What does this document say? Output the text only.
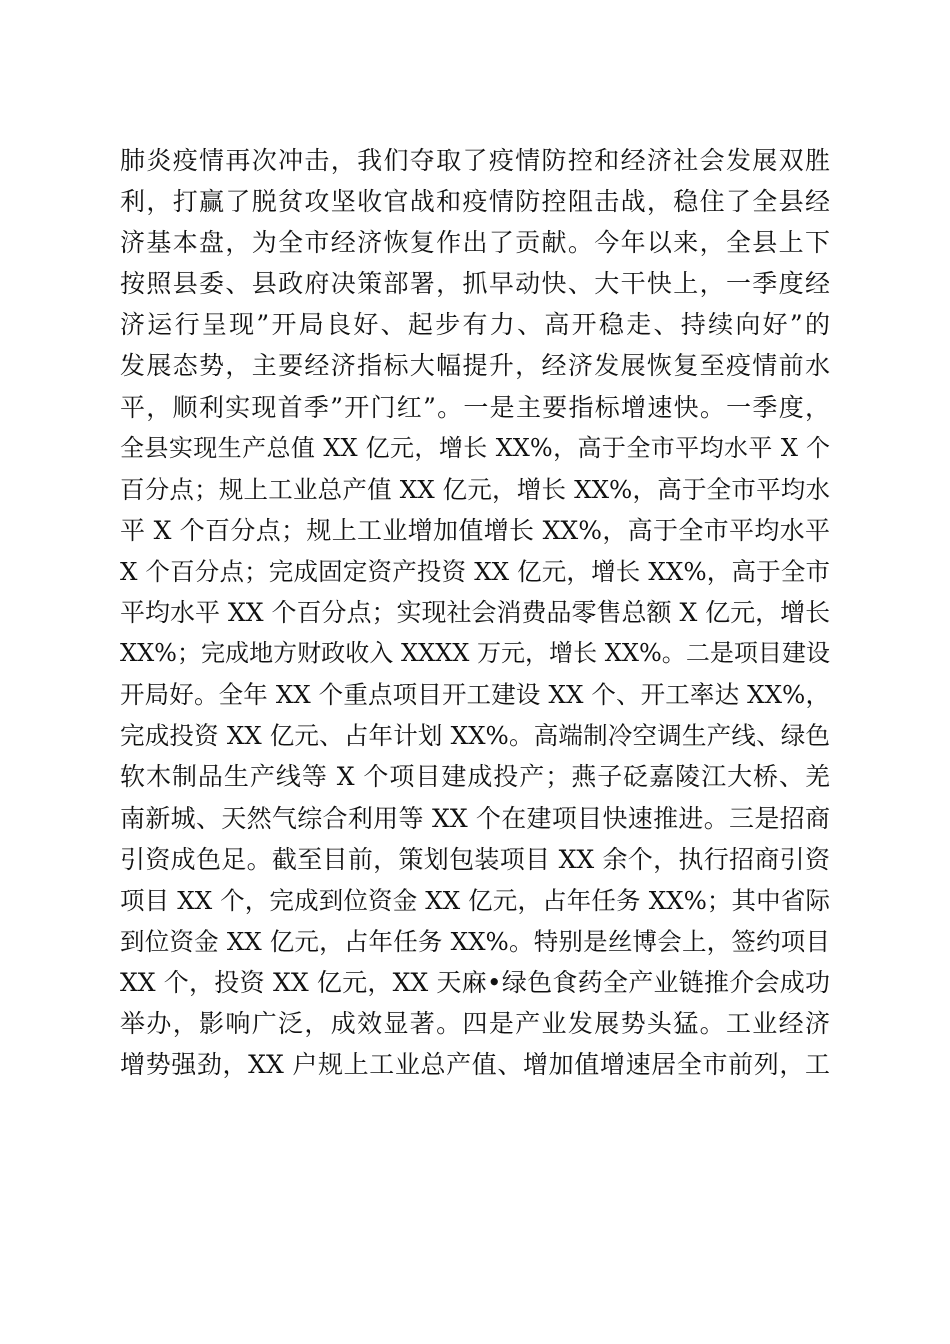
肺炎疫情再次冲击，我们夺取了疫情防控和经济社会发展双胜
利，打赢了脱贫攻坚收官战和疫情防控阻击战，稳住了全县经
济基本盘，为全市经济恢复作出了贡献。今年以来，全县上下
按照县委、县政府决策部署，抓早动快、大干快上，一季度经
济运行呈现”开局良好、起步有力、高开稳走、持续向好”的
发展态势，主要经济指标大幅提升，经济发展恢复至疫情前水
平，顺利实现首季”开门红”。一是主要指标增速快。一季度，
全县实现生产总值 XX 亿元，增长 XX%，高于全市平均水平 X 个
百分点；规上工业总产值 XX 亿元，增长 XX%，高于全市平均水
平 X 个百分点；规上工业增加值增长 XX%，高于全市平均水平
X 个百分点；完成固定资产投资 XX 亿元，增长 XX%，高于全市
平均水平 XX 个百分点；实现社会消费品零售总额 X 亿元，增长
XX%；完成地方财政收入 XXXX 万元，增长 XX%。二是项目建设
开局好。全年 XX 个重点项目开工建设 XX 个、开工率达 XX%，
完成投资 XX 亿元、占年计划 XX%。高端制冷空调生产线、绿色
软木制品生产线等 X 个项目建成投产；燕子砭嘉陵江大桥、羌
南新城、天然气综合利用等 XX 个在建项目快速推进。三是招商
引资成色足。截至目前，策划包装项目 XX 余个，执行招商引资
项目 XX 个，完成到位资金 XX 亿元，占年任务 XX%；其中省际
到位资金 XX 亿元，占年任务 XX%。特别是丝博会上，签约项目
XX 个，投资 XX 亿元，XX 天麻•绿色食药全产业链推介会成功
举办，影响广泛，成效显著。四是产业发展势头猛。工业经济
增势强劲，XX 户规上工业总产值、增加值增速居全市前列，工
